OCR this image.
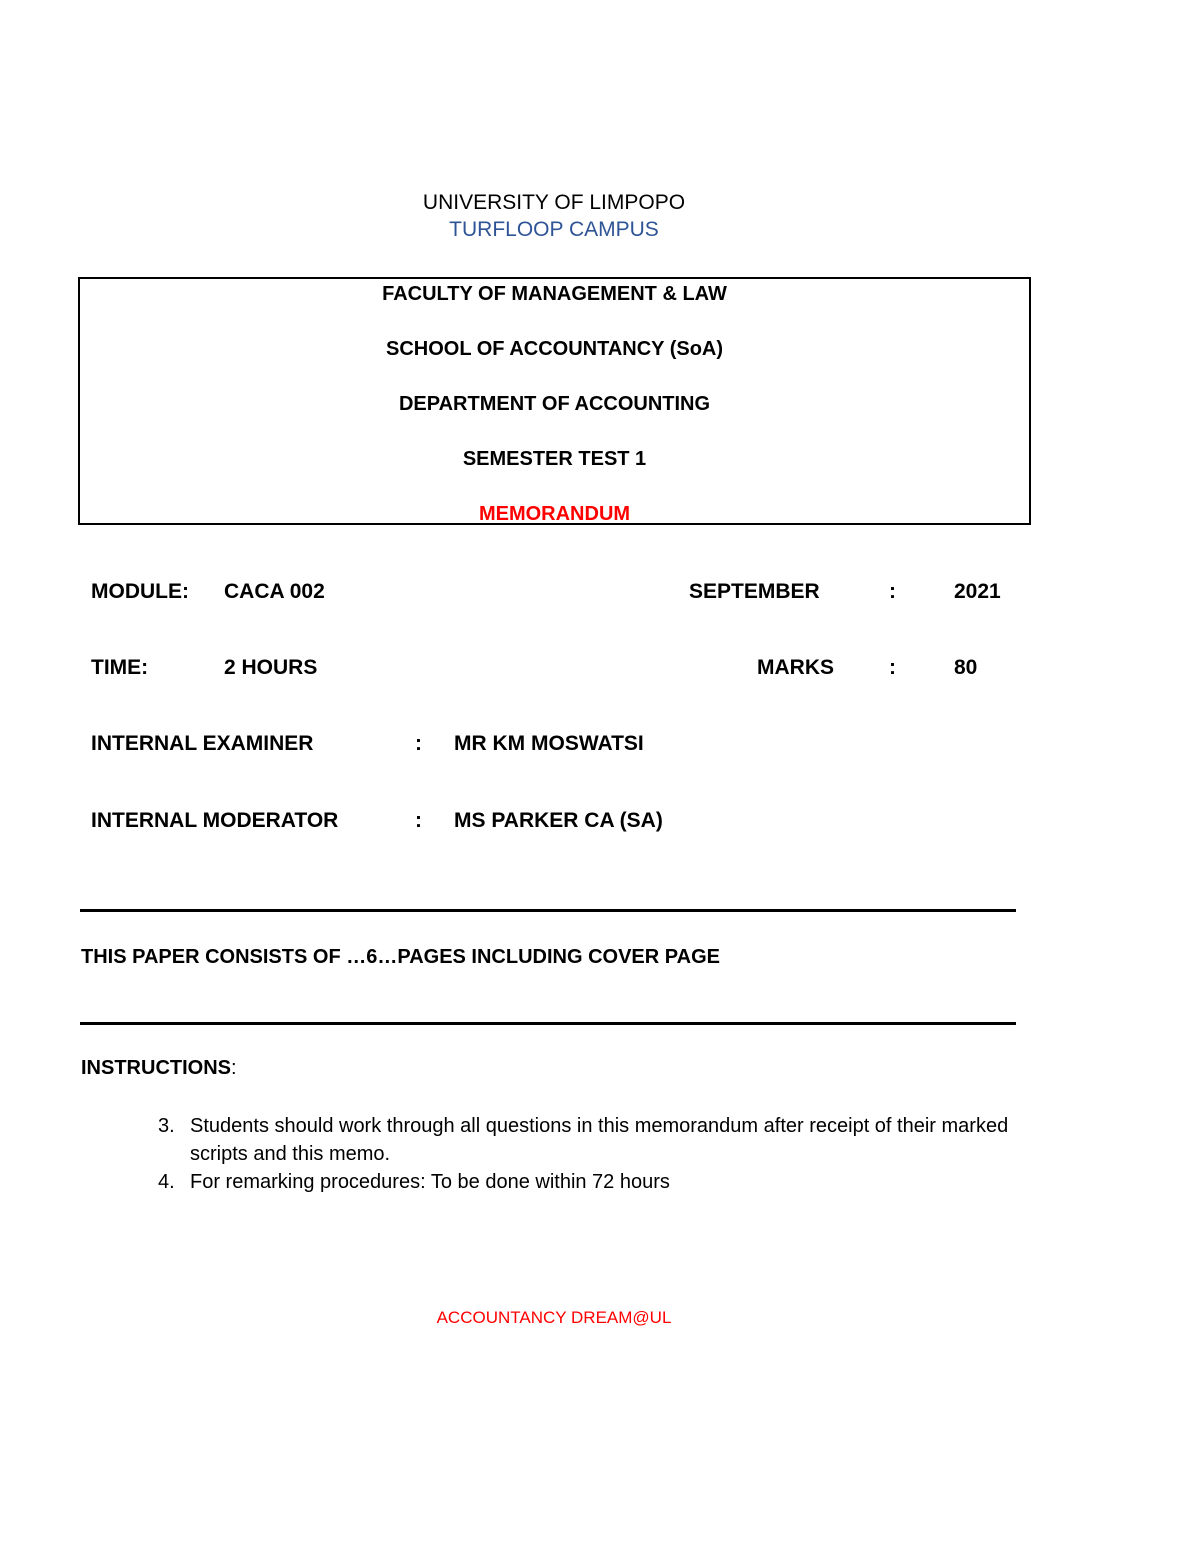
UNIVERSITY OF LIMPOPO
TURFLOOP CAMPUS
FACULTY OF MANAGEMENT & LAW
SCHOOL OF ACCOUNTANCY (SoA)
DEPARTMENT OF ACCOUNTING
SEMESTER TEST 1
MEMORANDUM
MODULE: CACA 002	SEPTEMBER	:	2021
TIME:	2 HOURS	MARKS	:	80
INTERNAL EXAMINER	: MR KM MOSWATSI
INTERNAL MODERATOR	: MS PARKER CA (SA)
THIS PAPER CONSISTS OF …6…PAGES INCLUDING COVER PAGE
INSTRUCTIONS:
3. Students should work through all questions in this memorandum after receipt of their marked scripts and this memo.
4. For remarking procedures: To be done within 72 hours
ACCOUNTANCY DREAM@UL
